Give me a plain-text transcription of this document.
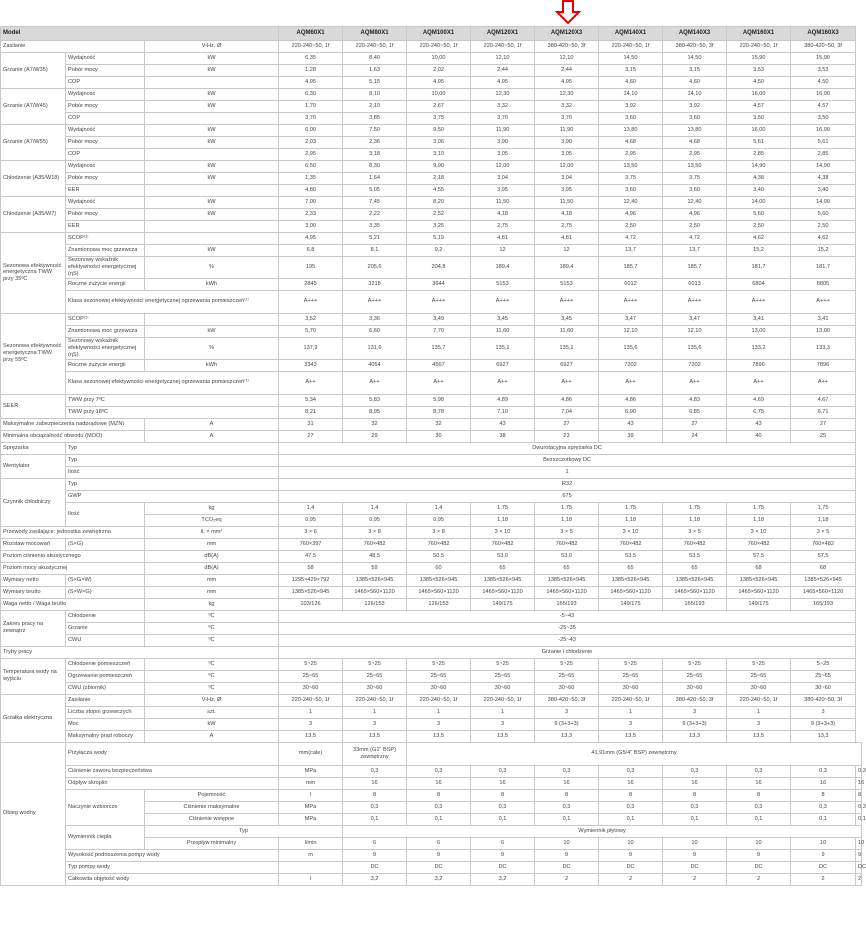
Model			AQM60X1	AQM80X1	AQM100X1	AQM120X1	AQM120X3	AQM140X1	AQM140X3	AQM160X1	AQM160X3	
Zasilanie		V-Hz, Ø	220-240~50, 1f	220-240~50, 1f	220-240~50, 1f	220-240~50, 1f	380-420~50, 3f	220-240~50, 1f	380-420~50, 3f	220-240~50, 1f	380-420~50, 3f	
Grzanie (A7/W35)	Wydajność	kW	6,35	8,40	10,00	12,10	12,10	14,50	14,50	15,90	15,90	
	Pobór mocy	kW	1,28	1,63	2,02	2,44	2,44	3,15	3,15	3,53	3,53	
	COP		4,95	5,15	4,95	4,95	4,95	4,60	4,60	4,50	4,50	
Grzanie (A7/W45)	Wydajność	kW	6,30	8,10	10,00	12,30	12,30	14,10	14,10	16,00	16,00	
	Pobór mocy	kW	1,70	2,10	2,67	3,32	3,32	3,92	3,92	4,57	4,57	
	COP		3,70	3,85	3,75	3,70	3,70	3,60	3,60	3,50	3,50	
Grzanie (A7/W55)	Wydajność	kW	6,00	7,50	9,50	11,90	11,90	13,80	13,80	16,00	16,00	
	Pobór mocy	kW	2,03	2,36	3,06	3,90	3,90	4,68	4,68	5,61	5,61	
	COP		2,95	3,18	3,10	3,05	3,05	2,95	2,95	2,85	2,85	
Chłodzenie (A35/W18)	Wydajność	kW	6,50	8,30	9,90	12,00	12,00	13,50	13,50	14,90	14,90	
	Pobór mocy	kW	1,35	1,64	2,18	3,04	3,04	3,75	3,75	4,38	4,38	
	EER		4,80	5,05	4,55	3,95	3,95	3,60	3,60	3,40	3,40	
Chłodzenie (A35/W7)	Wydajność	kW	7,00	7,45	8,20	11,50	11,50	12,40	12,40	14,00	14,00	
	Pobór mocy	kW	2,33	2,22	2,52	4,18	4,18	4,96	4,96	5,60	5,60	
	EER		3,00	3,35	3,25	2,75	2,75	2,50	2,50	2,50	2,50	
Sezonowa efektywność energetyczna TWW przy 35ºC	SCOP⁽¹⁾		4,95	5,21	5,19	4,81	4,81	4,72	4,72	4,62	4,62	
	Znamionowa moc grzewcza	kW	6,8	8,1	9,2	12	12	13,7	13,7	15,2	15,2	
	Sezonowy wskaźnik efektywności energetycznej (ηS)	%	195	205,6	204,8	189,4	189,4	185,7	185,7	181,7	181,7	
	Roczne zużycie energii	kWh	2845	3218	3644	5153	5153	6012	6013	6804	6805	
	Klasa sezonowej efektywności energetycznej ogrzewania pomieszczeń⁽¹⁾		A+++	A+++	A+++	A+++	A+++	A+++	A+++	A+++	A+++	
Sezonowa efektywność energetyczna TWW przy 55ºC	SCOP⁽¹⁾		3,52	3,36	3,49	3,45	3,45	3,47	3,47	3,41	3,41	
	Znamionowa moc grzewcza	kW	5,70	6,60	7,70	11,60	11,60	12,10	12,10	13,00	13,00	
	Sezonowy wskaźnik efektywności energetycznej (ηS)	%	137,9	131,6	135,7	135,1	135,1	135,6	135,6	133,2	133,3	
	Roczne zużycie energii	kWh	3343	4054	4567	6927	6927	7202	7202	7896	7896	
	Klasa sezonowej efektywności energetycznej ogrzewania pomieszczeń⁽¹⁾		A++	A++	A++	A++	A++	A++	A++	A++	A++	
SEER	TWW przy 7ºC		5,34	5,83	5,98	4,89	4,86	4,86	4,83	4,69	4,67	
	TWW przy 18ºC		8,21	8,95	8,78	7,10	7,04	6,90	6,85	6,75	6,71	
Maksymalne zabezpieczenia nadprądowe (MZN)		A	31	32	32	43	27	43	27	43	27	
Minimalna obciążalność obwodu (MOO)		A	27	29	30	38	23	39	24	40	25	
Sprężarka	Typ		Dwurotacyjna sprężarka DC									
Wentylator	Typ		Bezszczotkowy DC									
	Ilość		1									
Czynnik chłodniczy	Typ		R32									
	GWP		675									
	Ilość	kg	1,4	1,4	1,4	1,75	1,75	1,75	1,75	1,75	1,75	
		TCO₂eq	0,95	0,95	0,95	1,18	1,18	1,18	1,18	1,18	1,18	
Przewody zasilające: jednostka zewnętrzna		il. × mm²	3 × 6	3 × 8	3 × 8	3 × 10	3 × 5	3 × 10	3 × 5	3 × 10	3 × 5	
Rozstaw mocowań	(S×G)	mm	760×397	760×482	760×482	760×482	760×482	760×482	760×482	760×482	760×482	
Poziom ciśnienia akustycznego		dB(A)	47,5	48,5	50,5	53,0	53,0	53,5	53,5	57,5	57,5	
Poziom mocy akustycznej		dB(A)	58	59	60	65	65	65	65	68	68	
Wymiary netto	(S×G×W)	mm	1295×429×792	1385×526×945	1385×526×945	1385×526×945	1385×526×945	1385×526×945	1385×526×945	1385×526×945	1385×526×945	
Wymiary brutto	(S×W×G)	mm	1385×526×945	1465×560×1120	1465×560×1120	1465×560×1120	1465×560×1120	1465×560×1120	1465×560×1120	1465×560×1120	1465×560×1120	
Waga netto / Waga brutto		kg	103/126	126/153	126/153	149/175	165/193	149/175	165/193	149/175	165/193	
Zakres pracy na zewnątrz	Chłodzenie	ºC	-5~43									
	Grzanie	ºC	-25~35									
	CWU	ºC	-25~43									
Tryby pracy			Grzanie i chłodzenie									
Temperatura wody na wyjściu	Chłodzenie pomieszczeń	ºC	5~25	5~25	5~25	5~25	5~25	5~25	5~25	5~25	5~25	
	Ogrzewanie pomieszczeń	ºC	25~65	25~65	25~65	25~65	25~65	25~65	25~65	25~65	25~65	
	CWU (zbiornik)	ºC	30~60	30~60	30~60	30~60	30~60	30~60	30~60	30~60	30~60	
Grzałka elektryczna	Zasilanie	V-Hz, Ø	220-240~50, 1f	220-240~50, 1f	220-240~50, 1f	220-240~50, 1f	380-420~50, 3f	220-240~50, 1f	380-420~50, 3f	220-240~50, 1f	380-420~50, 3f	
	Liczba stopni grzewczych	szt.	1	1	1	1	3	1	3	1	3	
	Moc	kW	3	3	3	3	9 (3+3+3)	3	9 (3+3+3)	3	9 (3+3+3)	
	Maksymalny prąd roboczy	A	13,5	13,5	13,5	13,5	13,3	13,5	13,3	13,5	13,3	
Obieg wodny	Przyłącza wody		mm(cale)	33mm (G1" BSP) zewnętrzny	41,91mm (G5/4" BSP) zewnętrzny							
	Ciśnienie zaworu bezpieczeństwa		MPa	0,3	0,3	0,3	0,3	0,3	0,3	0,3	0,3	0,3
	Odpływ skroplin		mm	16	16	16	16	16	16	16	16	16
	Naczynie wzbiorcze	Pojemność	l	8	8	8	8	8	8	8	8	8
		Ciśnienie maksymalne	MPa	0,3	0,3	0,3	0,3	0,3	0,3	0,3	0,3	0,3
		Ciśnienie wstępne	MPa	0,1	0,1	0,1	0,1	0,1	0,1	0,1	0,1	0,1
	Wymiennik ciepła	Typ		Wymiennik płytowy								
		Przepływ minimalny	l/min	6	6	6	10	10	10	10	10	10
	Wysokość podnoszenia pompy wody		m	9	9	9	9	9	9	9	9	9
	Typ pompy wody			DC	DC	DC	DC	DC	DC	DC	DC	DC
	Całkowita objętość wody		l	3,2	3,2	3,2	2	2	2	2	2	2
